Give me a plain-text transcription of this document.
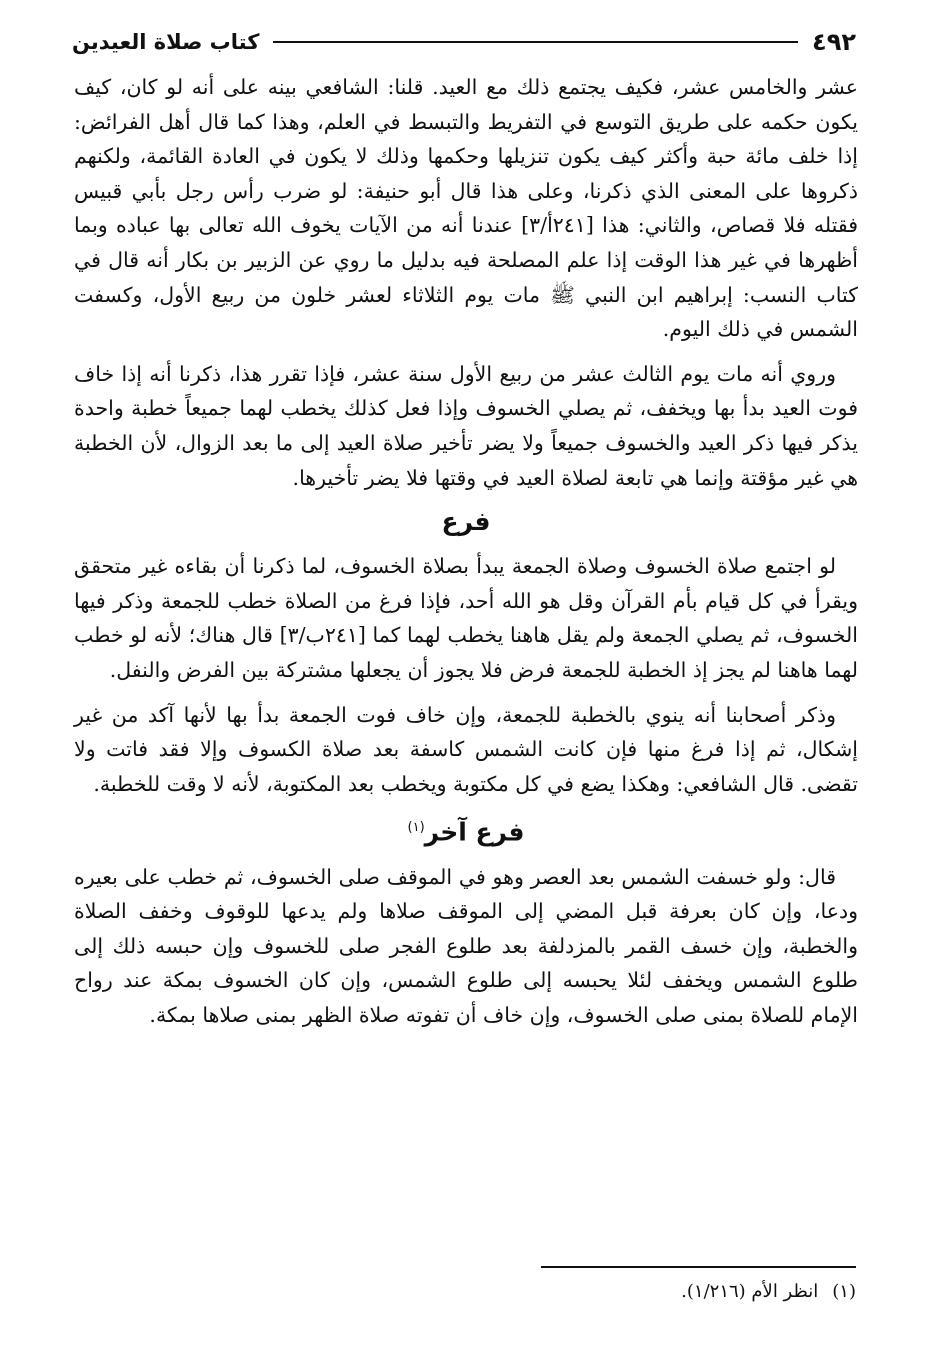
٤٩٢
كتاب صلاة العيدين

عشر والخامس عشر، فكيف يجتمع ذلك مع العيد. قلنا: الشافعي بينه على أنه لو كان، كيف يكون حكمه على طريق التوسع في التفريط والتبسط في العلم، وهذا كما قال أهل الفرائض: إذا خلف مائة حبة وأكثر كيف يكون تنزيلها وحكمها وذلك لا يكون في العادة القائمة، ولكنهم ذكروها على المعنى الذي ذكرنا، وعلى هذا قال أبو حنيفة: لو ضرب رأس رجل بأبي قبيس فقتله فلا قصاص، والثاني: هذا [٢٤١أ/٣] عندنا أنه من الآيات يخوف الله تعالى بها عباده وبما أظهرها في غير هذا الوقت إذا علم المصلحة فيه بدليل ما روي عن الزبير بن بكار أنه قال في كتاب النسب: إبراهيم ابن النبي ﷺ مات يوم الثلاثاء لعشر خلون من ربيع الأول، وكسفت الشمس في ذلك اليوم.

وروي أنه مات يوم الثالث عشر من ربيع الأول سنة عشر، فإذا تقرر هذا، ذكرنا أنه إذا خاف فوت العيد بدأ بها ويخفف، ثم يصلي الخسوف وإذا فعل كذلك يخطب لهما جميعاً خطبة واحدة يذكر فيها ذكر العيد والخسوف جميعاً ولا يضر تأخير صلاة العيد إلى ما بعد الزوال، لأن الخطبة هي غير مؤقتة وإنما هي تابعة لصلاة العيد في وقتها فلا يضر تأخيرها.

فرع

لو اجتمع صلاة الخسوف وصلاة الجمعة يبدأ بصلاة الخسوف، لما ذكرنا أن بقاءه غير متحقق ويقرأ في كل قيام بأم القرآن وقل هو الله أحد، فإذا فرغ من الصلاة خطب للجمعة وذكر فيها الخسوف، ثم يصلي الجمعة ولم يقل هاهنا يخطب لهما كما [٢٤١ب/٣] قال هناك؛ لأنه لو خطب لهما هاهنا لم يجز إذ الخطبة للجمعة فرض فلا يجوز أن يجعلها مشتركة بين الفرض والنفل.

وذكر أصحابنا أنه ينوي بالخطبة للجمعة، وإن خاف فوت الجمعة بدأ بها لأنها آكد من غير إشكال، ثم إذا فرغ منها فإن كانت الشمس كاسفة بعد صلاة الكسوف وإلا فقد فاتت ولا تقضى. قال الشافعي: وهكذا يضع في كل مكتوبة ويخطب بعد المكتوبة، لأنه لا وقت للخطبة.

فرع آخر$^{(١)}$

قال: ولو خسفت الشمس بعد العصر وهو في الموقف صلى الخسوف، ثم خطب على بعيره ودعا، وإن كان بعرفة قبل المضي إلى الموقف صلاها ولم يدعها للوقوف وخفف الصلاة والخطبة، وإن خسف القمر بالمزدلفة بعد طلوع الفجر صلى للخسوف وإن حبسه ذلك إلى طلوع الشمس ويخفف لئلا يحبسه إلى طلوع الشمس، وإن كان الخسوف بمكة عند رواح الإمام للصلاة بمنى صلى الخسوف، وإن خاف أن تفوته صلاة الظهر بمنى صلاها بمكة.

(١)انظر الأم (١/٢١٦).
